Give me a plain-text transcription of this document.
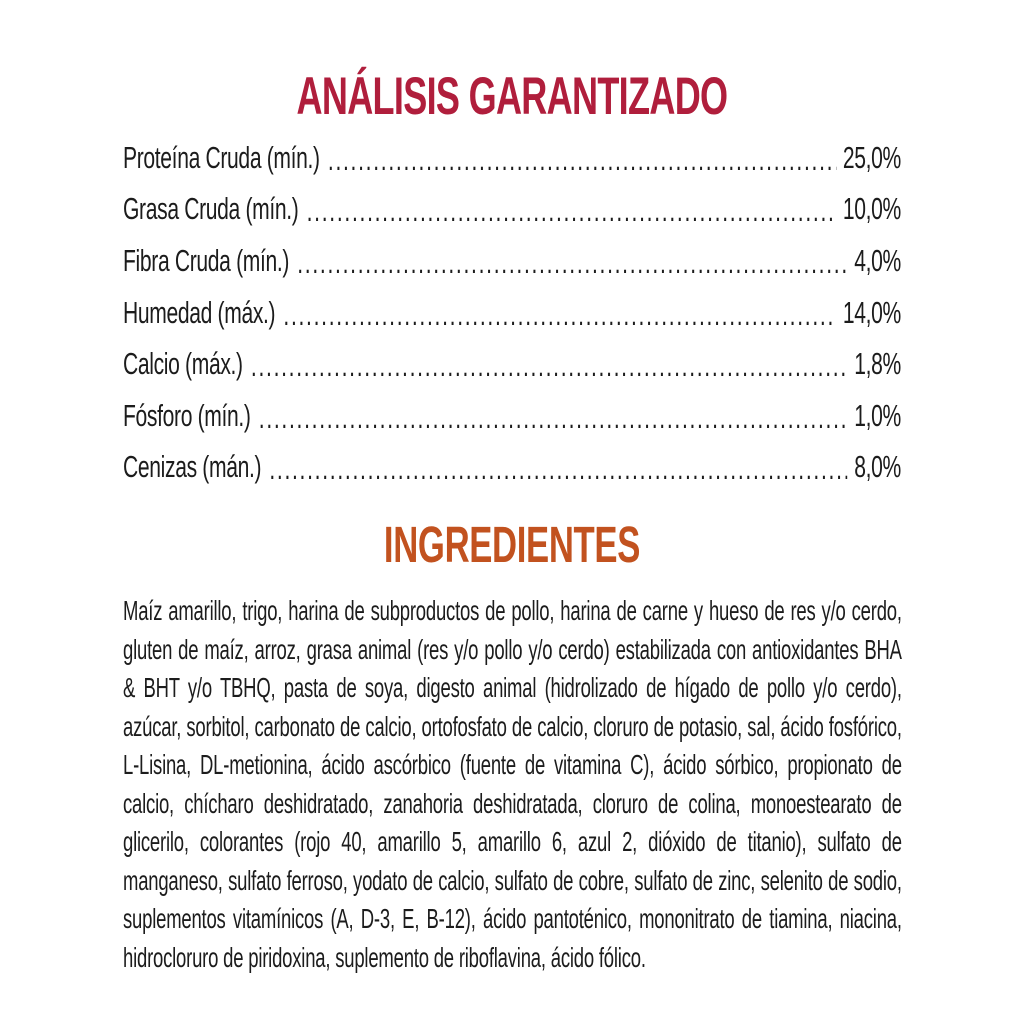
ANÁLISIS GARANTIZADO
Proteína Cruda (mín.) .....	25,0%
Grasa Cruda (mín.) .....	10,0%
Fibra Cruda (mín.) .....	4,0%
Humedad (máx.) .....	14,0%
Calcio (máx.) .....	1,8%
Fósforo (mín.) .....	1,0%
Cenizas (mán.) .....	8,0%
INGREDIENTES

Maíz amarillo, trigo, harina de subproductos de pollo, harina de carne y hueso de res y/o cerdo, gluten de maíz, arroz, grasa animal (res y/o pollo y/o cerdo) estabilizada con antioxidantes BHA & BHT y/o TBHQ, pasta de soya, digesto animal (hidrolizado de hígado de pollo y/o cerdo), azúcar, sorbitol, carbonato de calcio, ortofosfato de calcio, cloruro de potasio, sal, ácido fosfórico, L-Lisina, DL-metionina, ácido ascórbico (fuente de vitamina C), ácido sórbico, propionato de calcio, chícharo deshidratado, zanahoria deshidratada, cloruro de colina, monoestearato de glicerilo, colorantes (rojo 40, amarillo 5, amarillo 6, azul 2, dióxido de titanio), sulfato de manganeso, sulfato ferroso, yodato de calcio, sulfato de cobre, sulfato de zinc, selenito de sodio, suplementos vitamínicos (A, D-3, E, B-12), ácido pantoténico, mononitrato de tiamina, niacina, hidrocloruro de piridoxina, suplemento de riboflavina, ácido fólico.
